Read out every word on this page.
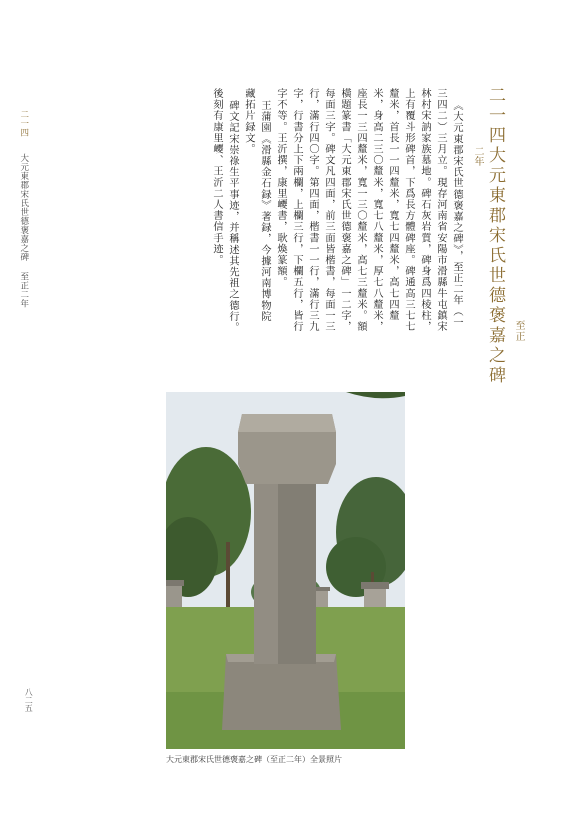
二一四 大元東郡宋氏世德褒嘉之碑 至正二年
八二五
二一四
大元東郡宋氏世德褒嘉之碑 至正
二年
《大元東郡宋氏世德褒嘉之碑》，至正二年（一
三四二）三月立。現存河南省安陽市滑縣牛屯鎮宋
林村宋訥家族墓地。碑石灰岩質，碑身爲四棱柱，
上有覆斗形碑首，下爲長方體碑座。碑通高三七七
釐米，首長一一四釐米，寬七四釐米，高七四釐
米，身高二三〇釐米，寬七八釐米，厚七八釐米，
座長一三四釐米，寬一三〇釐米，高七三釐米。額
橫題篆書「大元東郡宋氏世德褒嘉之碑」一二字，
每面三字。碑文凡四面，前三面皆楷書，每面一三
行，滿行四〇字。第四面，楷書一一行，滿行三九
字，行書分上下兩欄，上欄三行，下欄五行，皆行
字不等。王沂撰，康里巎書，耿煥篆額。
王蒲園《滑縣金石録》著録，今據河南博物院
藏拓片録文。
碑文記宋崇祿生平事迹，并稱述其先祖之德行。
後刻有康里巎、王沂二人書信手迹。
大元東郡宋氏世德褒嘉之碑（至正二年）全景照片
